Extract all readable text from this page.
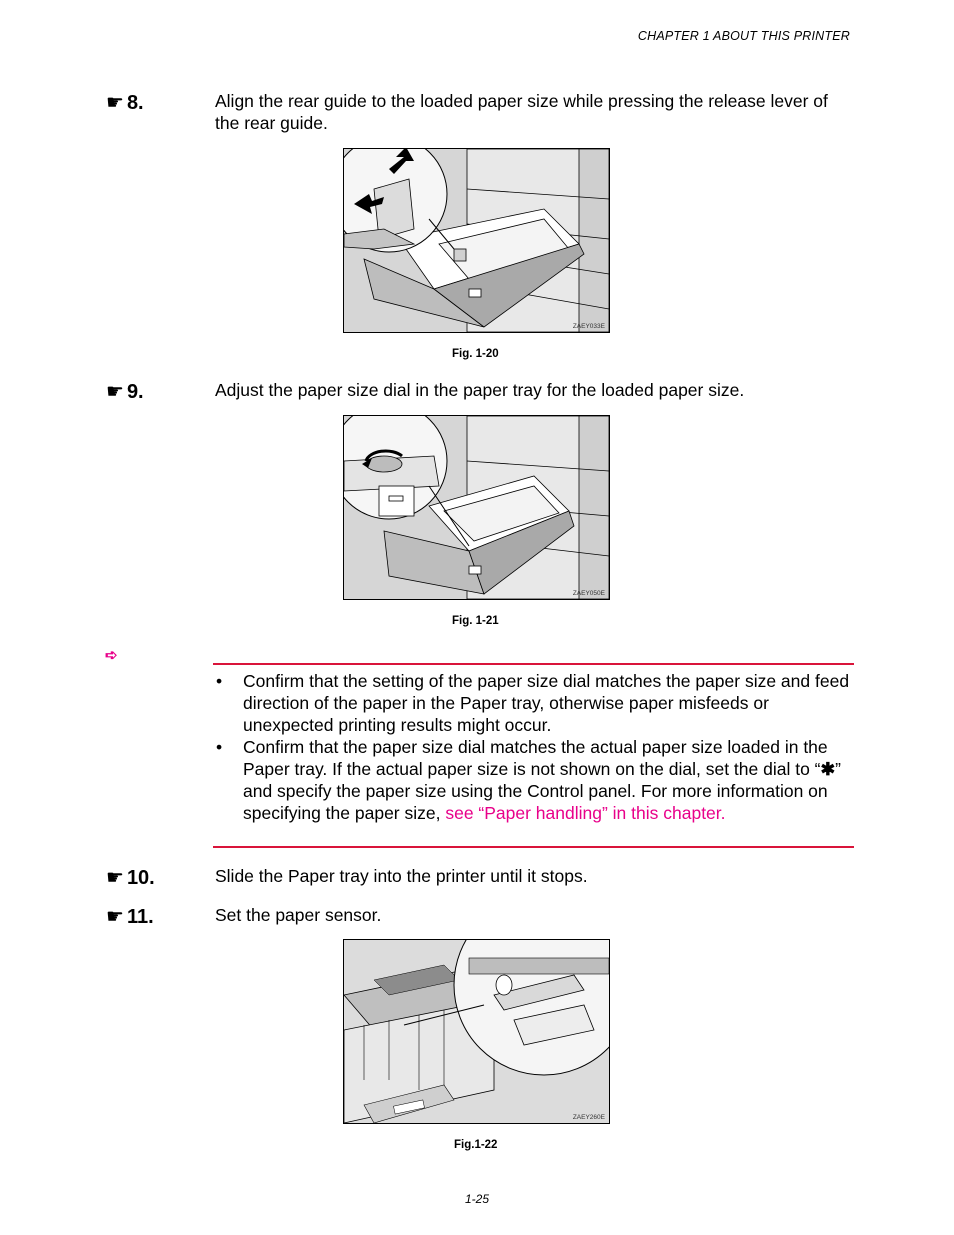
CHAPTER 1 ABOUT THIS PRINTER
☛ 8.	Align the rear guide to the loaded paper size while pressing the release lever of the rear guide.
ZAEY033E
Fig. 1-20
☛ 9.	Adjust the paper size dial in the paper tray for the loaded paper size.
ZAEY050E
Fig. 1-21
➪
• Confirm that the setting of the paper size dial matches the paper size and feed direction of the paper in the Paper tray, otherwise paper misfeeds or unexpected printing results might occur.
• Confirm that the paper size dial matches the actual paper size loaded in the Paper tray. If the actual paper size is not shown on the dial, set the dial to “✱” and specify the paper size using the Control panel. For more information on specifying the paper size, see “Paper handling” in this chapter.
☛ 10.	Slide the Paper tray into the printer until it stops.
☛ 11.	Set the paper sensor.
ZAEY260E
Fig.1-22
1-25
